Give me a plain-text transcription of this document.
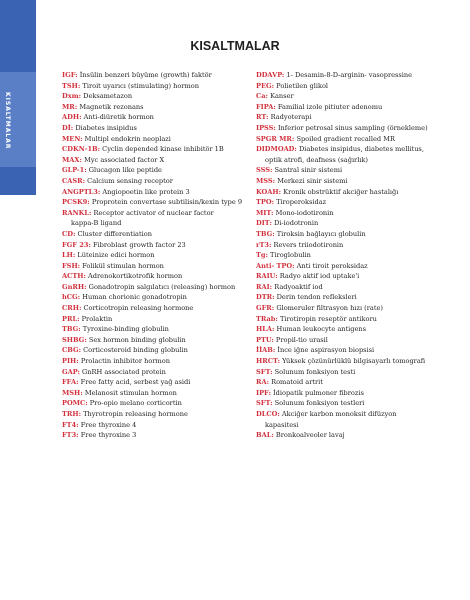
KISALTMALAR
KISALTMALAR
IGF: İnsülin benzeri büyüme (growth) faktör
TSH: Tiroit uyarıcı (stimulating) hormon
Dxm: Deksametazon
MR: Magnetik rezonans
ADH: Anti-diüretik hormon
Dİ: Diabetes insipidus
MEN: Multipl endokrin neoplazi
CDKN-1B: Cyclin depended kinase inhibitör 1B
MAX: Myc associated factor X
GLP-1: Glucagon like peptide
CASR: Calcium sensing receptor
ANGPTL3: Angiopoetin like protein 3
PCSK9: Proprotein convertase subtilisin/kexin type 9
RANKL: Receptor activator of nuclear factor
kappa-B ligand
CD: Cluster differentiation
FGF 23: Fibroblast growth factor 23
LH: Lüteinize edici hormon
FSH: Folikül stimulan hormon
ACTH: Adrenokortikotrofik hormon
GnRH: Gonadotropin salgılatıcı (releasing) hormon
hCG: Human chorionic gonadotropin
CRH: Corticotropin releasing hormone
PRL: Prolaktin
TBG: Tyroxine-binding globulin
SHBG: Sex hormon binding globulin
CBG: Corticosteroid binding globulin
PIH: Prolactin inhibitor hormon
GAP: GnRH associated protein
FFA: Free fatty acid, serbest yağ asidi
MSH: Melanosit stimulan hormon
POMC: Pro-opio melano corticortin
TRH: Thyrotropin releasing hormone
FT4: Free thyroxine 4
FT3: Free thyroxine 3
DDAVP: 1- Desamin-8-D-arginin- vasopressine
PEG: Polietilen glikol
Ca: Kanser
FIPA: Familial izole pitiuter adenomu
RT: Radyoterapi
IPSS: Inferior petrosal sinus sampling (örnekleme)
SPGR MR: Spoiled gradient recalled MR
DIDMOAD: Diabetes insipidus, diabetes mellitus,
optik atrofi, deafness (sağırlık)
SSS: Santral sinir sistemi
MSS: Merkezi sinir sistemi
KOAH: Kronik obstrüktif akciğer hastalığı
TPO: Tiroperoksidaz
MIT: Mono-iodotironin
DIT: Di-iodotronin
TBG: Tiroksin bağlayıcı globulin
rT3: Revers triiodotironin
Tg: Tiroglobulin
Anti- TPO: Anti tiroit peroksidaz
RAIU: Radyo aktif iod uptake'i
RAI: Radyoaktif iod
DTR: Derin tendon refleksleri
GFR: Glomeruler filtrasyon hızı (rate)
TRab: Tirotiropin reseptör antikoru
HLA: Human leukocyte antigens
PTU: Propil-tio urasil
İİAB: İnce iğne aspirasyon biopsisi
HRCT: Yüksek çözünürlüklü bilgisayarlı tomografi
SFT: Solunum fonksiyon testi
RA: Romatoid artrit
IPF: İdiopatik pulmoner fibrozis
SFT: Solunum fonksiyon testleri
DLCO: Akciğer karbon monoksit difüzyon
kapasitesi
BAL: Bronkoalveoler lavaj
